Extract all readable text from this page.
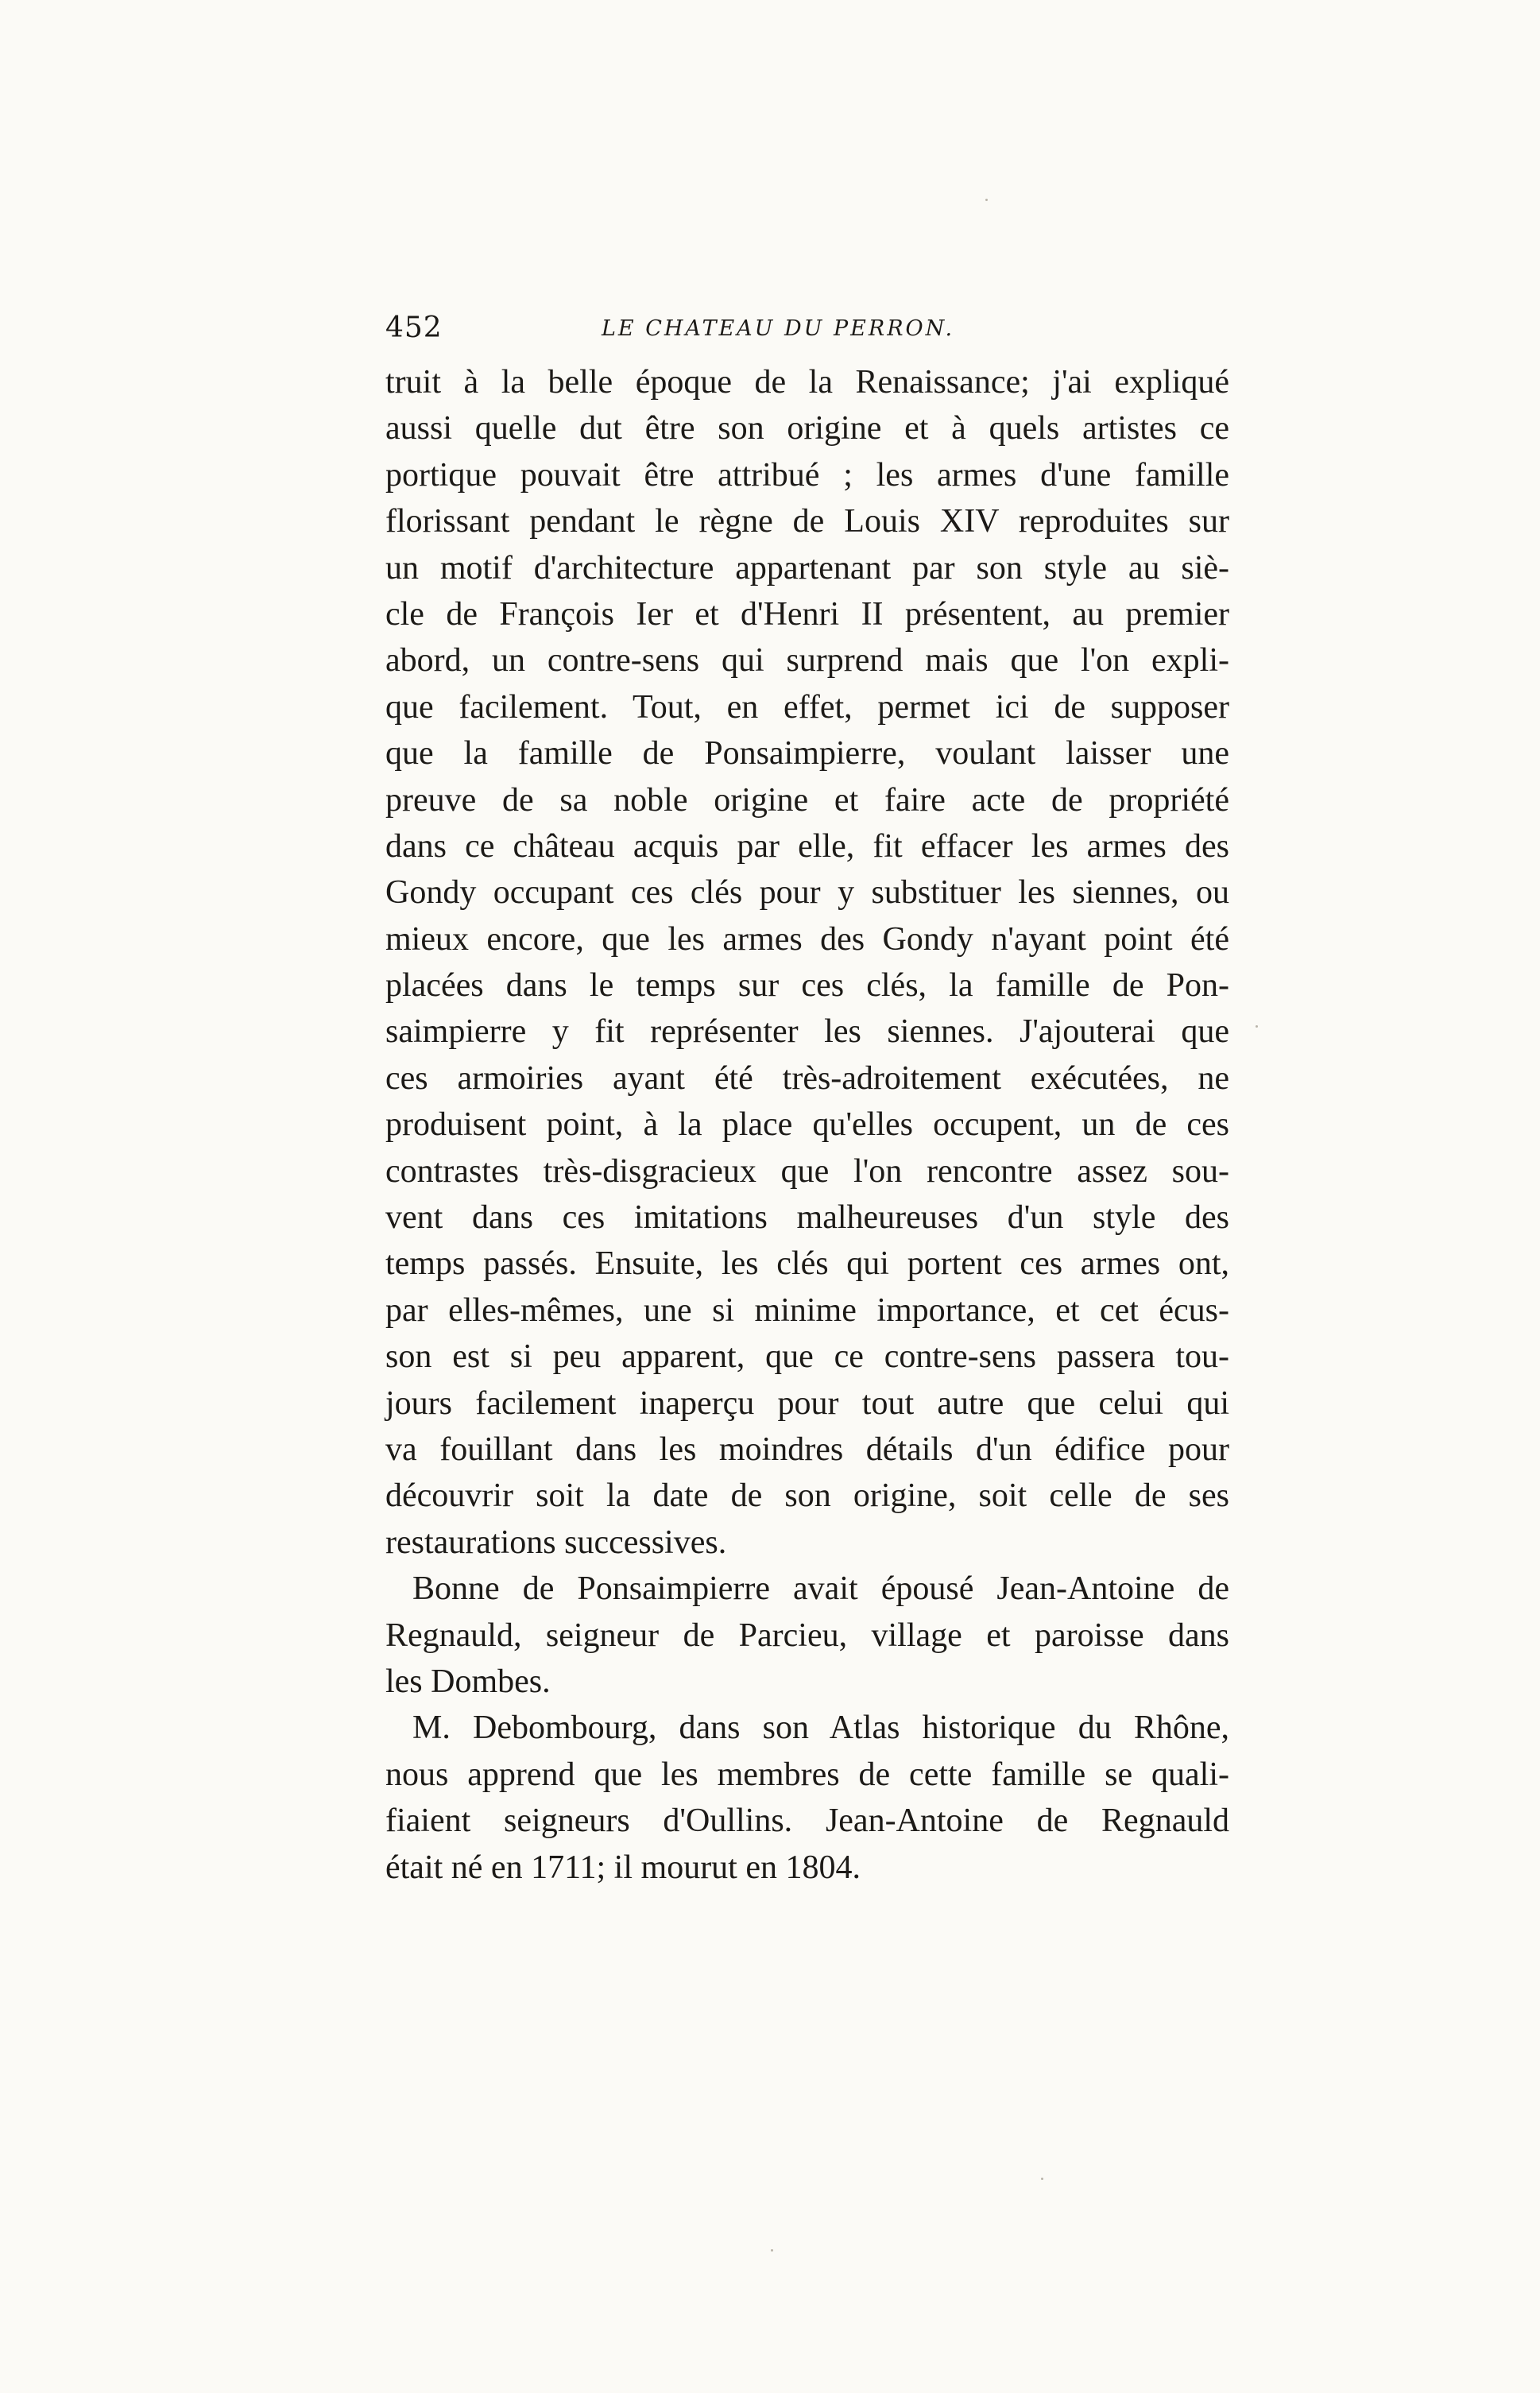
452	LE CHATEAU DU PERRON.
truit à la belle époque de la Renaissance; j'ai expliqué
aussi quelle dut être son origine et à quels artistes ce
portique pouvait être attribué ; les armes d'une famille
florissant pendant le règne de Louis XIV reproduites sur
un motif d'architecture appartenant par son style au siè-
cle de François Ier et d'Henri II présentent, au premier
abord, un contre-sens qui surprend mais que l'on expli-
que facilement. Tout, en effet, permet ici de supposer
que la famille de Ponsaimpierre, voulant laisser une
preuve de sa noble origine et faire acte de propriété
dans ce château acquis par elle, fit effacer les armes des
Gondy occupant ces clés pour y substituer les siennes, ou
mieux encore, que les armes des Gondy n'ayant point été
placées dans le temps sur ces clés, la famille de Pon-
saimpierre y fit représenter les siennes. J'ajouterai que
ces armoiries ayant été très-adroitement exécutées, ne
produisent point, à la place qu'elles occupent, un de ces
contrastes très-disgracieux que l'on rencontre assez sou-
vent dans ces imitations malheureuses d'un style des
temps passés. Ensuite, les clés qui portent ces armes ont,
par elles-mêmes, une si minime importance, et cet écus-
son est si peu apparent, que ce contre-sens passera tou-
jours facilement inaperçu pour tout autre que celui qui
va fouillant dans les moindres détails d'un édifice pour
découvrir soit la date de son origine, soit celle de ses
restaurations successives.
Bonne de Ponsaimpierre avait épousé Jean-Antoine de
Regnauld, seigneur de Parcieu, village et paroisse dans
les Dombes.
M. Debombourg, dans son Atlas historique du Rhône,
nous apprend que les membres de cette famille se quali-
fiaient seigneurs d'Oullins. Jean-Antoine de Regnauld
était né en 1711; il mourut en 1804.
